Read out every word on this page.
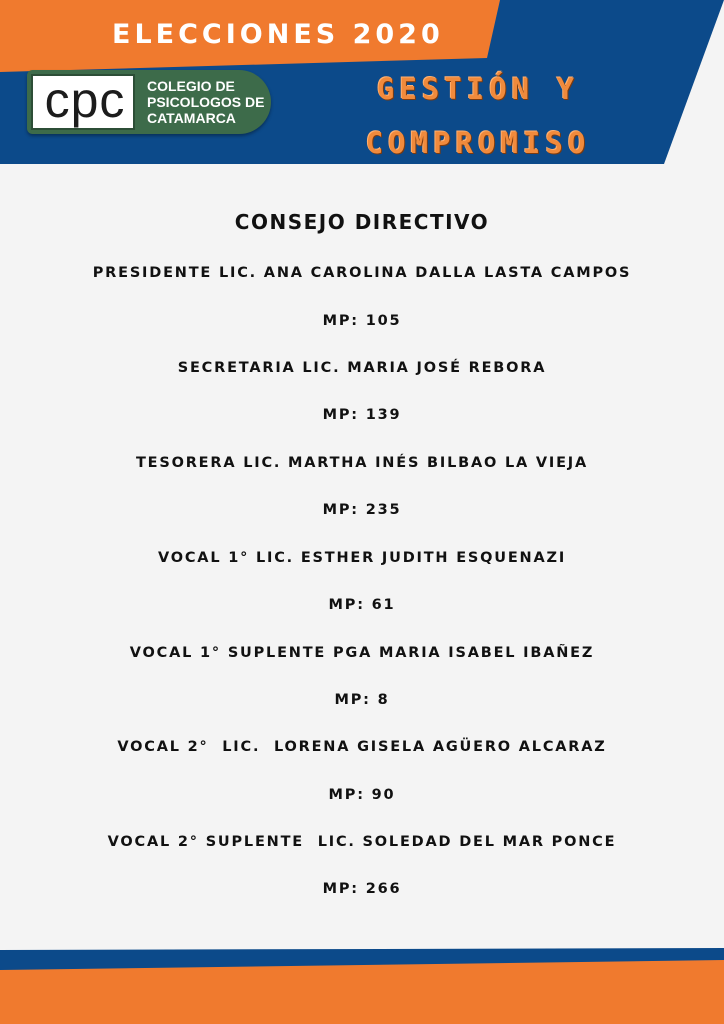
ELECCIONES 2020
cpc	COLEGIO DE
PSICOLOGOS DE
CATAMARCA
GESTIÓN Y
COMPROMISO
CONSEJO DIRECTIVO
PRESIDENTE LIC. ANA CAROLINA DALLA LASTA CAMPOS
MP: 105
SECRETARIA LIC. MARIA JOSÉ REBORA
MP: 139
TESORERA LIC. MARTHA INÉS BILBAO LA VIEJA
MP: 235
VOCAL 1° LIC. ESTHER JUDITH ESQUENAZI
MP: 61
VOCAL 1° SUPLENTE PGA MARIA ISABEL IBAÑEZ
MP: 8
VOCAL 2°  LIC.  LORENA GISELA AGÜERO ALCARAZ
MP: 90
VOCAL 2° SUPLENTE  LIC. SOLEDAD DEL MAR PONCE
MP: 266
